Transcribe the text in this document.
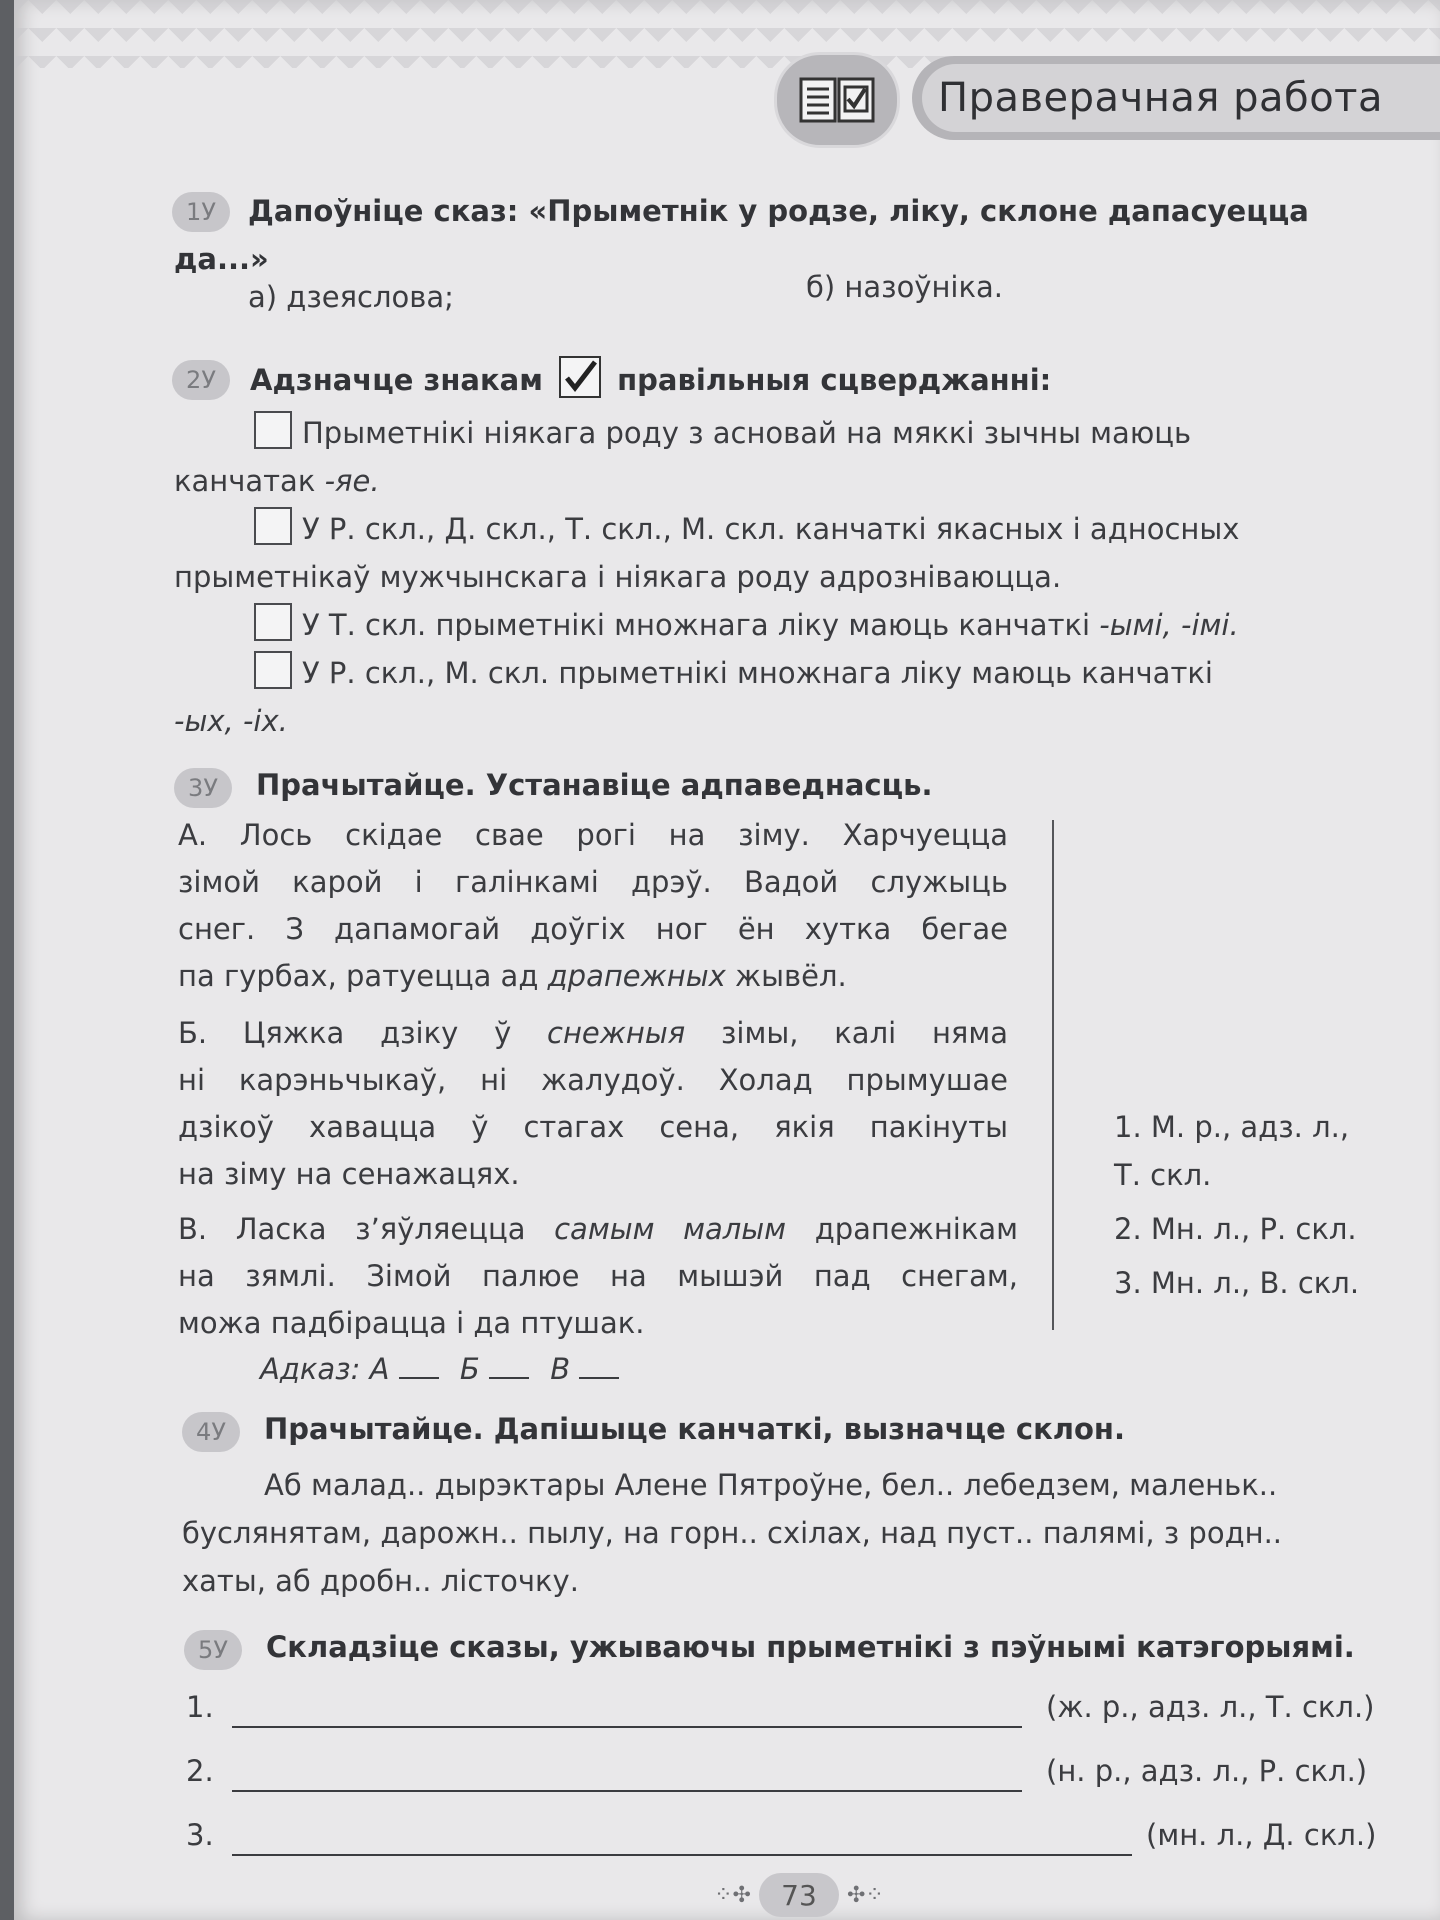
Праверачная работа
1У	Дапоўніце сказ: «Прыметнік у родзе, ліку, склоне дапасуецца
да...»
а) дзеяслова;	б) назоўніка.
2У	Адзначце знакам	правільныя сцверджанні:
Прыметнікі ніякага роду з асновай на мяккі зычны маюць
канчатак -яе.
У Р. скл., Д. скл., Т. скл., М. скл. канчаткі якасных і адносных
прыметнікаў мужчынскага і ніякага роду адрозніваюцца.
У Т. скл. прыметнікі множнага ліку маюць канчаткі -ымі, -імі.
У Р. скл., М. скл. прыметнікі множнага ліку маюць канчаткі
-ых, -іх.
3У	Прачытайце. Устанавіце адпаведнасць.
А. Лось скідае свае рогі на зіму. Харчуецца
зімой карой і галінкамі дрэў. Вадой служыць
снег. З дапамогай доўгіх ног ён хутка бегае
па гурбах, ратуецца ад драпежных жывёл.
Б. Цяжка дзіку ў снежныя зімы, калі няма
ні карэньчыкаў, ні жалудоў. Холад прымушае
дзікоў хавацца ў стагах сена, якія пакінуты
на зіму на сенажацях.
В. Ласка з’яўляецца самым малым драпежнікам
на зямлі. Зімой палюе на мышэй пад снегам,
можа падбірацца і да птушак.
1. М. р., адз. л.,
Т. скл.
2. Мн. л., Р. скл.
3. Мн. л., В. скл.
Адказ: А Б В
4У	Прачытайце. Дапішыце канчаткі, вызначце склон.
Аб малад.. дырэктары Алене Пятроўне, бел.. лебедзем, маленьк..
буслянятам, дарожн.. пылу, на горн.. схілах, над пуст.. палямі, з родн..
хаты, аб дробн.. лісточку.
5У	Складзіце сказы, ужываючы прыметнікі з пэўнымі катэгорыямі.
1.	(ж. р., адз. л., Т. скл.)
2.	(н. р., адз. л., Р. скл.)
3.	(мн. л., Д. скл.)
⁘✣	73	✣⁘
